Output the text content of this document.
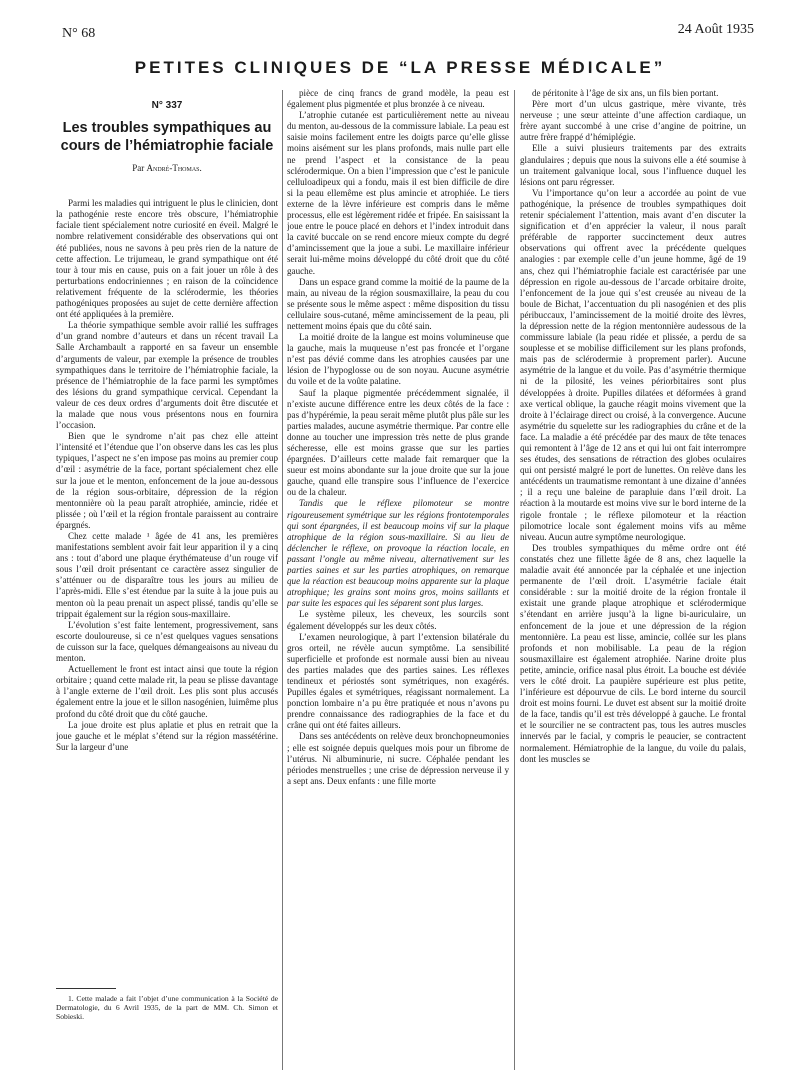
N° 68	24 Août 1935
PETITES CLINIQUES DE “LA PRESSE MÉDICALE”
N° 337
Les troubles sympathiques au cours de l’hémiatrophie faciale
Par André-Thomas.

Parmi les maladies qui intriguent le plus le clinicien, dont la pathogénie reste encore très obscure, l’hémiatrophie faciale tient spécialement notre curiosité en éveil. Malgré le nombre relativement considérable des observations qui ont été publiées, nous ne savons à peu près rien de la nature de cette affection. Le trijumeau, le grand sympathique ont été tour à tour mis en cause, puis on a fait jouer un rôle à des perturbations endocriniennes ; en raison de la coïncidence relativement fréquente de la sclérodermie, les théories pathogéniques proposées au sujet de cette dernière affection ont été appliquées à la première.

La théorie sympathique semble avoir rallié les suffrages d’un grand nombre d’auteurs et dans un récent travail La Salle Archambault a rapporté en sa faveur un ensemble d’arguments de valeur, par exemple la présence de troubles sympathiques dans le territoire de l’hémiatrophie faciale, la présence de l’hémiatrophie de la face parmi les symptômes des lésions du grand sympathique cervical. Cependant la valeur de ces deux ordres d’arguments doit être discutée et la malade que nous vous présentons nous en fournira l’occasion.

Bien que le syndrome n’ait pas chez elle atteint l’intensité et l’étendue que l’on observe dans les cas les plus typiques, l’aspect ne s’en impose pas moins au premier coup d’œil : asymétrie de la face, portant spécialement chez elle sur la joue et le menton, enfoncement de la joue au-dessous de la région sous-orbitaire, dépression de la région mentonnière où la peau paraît atrophiée, amincie, ridée et plissée ; où l’œil et la région frontale paraissent au contraire épargnés.

Chez cette malade ¹ âgée de 41 ans, les premières manifestations semblent avoir fait leur apparition il y a cinq ans : tout d’abord une plaque érythémateuse d’un rouge vif sous l’œil droit présentant ce caractère assez singulier de s’atténuer ou de disparaître tous les jours au milieu de l’après-midi. Elle s’est étendue par la suite à la joue puis au menton où la peau prenait un aspect plissé, tandis qu’elle se trippait également sur la région sous-maxillaire.

L’évolution s’est faite lentement, progressivement, sans escorte douloureuse, si ce n’est quelques vagues sensations de cuisson sur la face, quelques démangeaisons au niveau du menton.

Actuellement le front est intact ainsi que toute la région orbitaire ; quand cette malade rit, la peau se plisse davantage à l’angle externe de l’œil droit. Les plis sont plus accusés également entre la joue et le sillon nasogénien, luimême plus profond du côté droit que du côté gauche.

La joue droite est plus aplatie et plus en retrait que la joue gauche et le méplat s’étend sur la région massétérine. Sur la largeur d’une

1. Cette malade a fait l’objet d’une communication à la Société de Dermatologie, du 6 Avril 1935, de la part de MM. Ch. Simon et Sobieski.

pièce de cinq francs de grand modèle, la peau est également plus pigmentée et plus bronzée à ce niveau.

L’atrophie cutanée est particulièrement nette au niveau du menton, au-dessous de la commissure labiale. La peau est saisie moins facilement entre les doigts parce qu’elle glisse moins aisément sur les plans profonds, mais nulle part elle ne prend l’aspect et la consistance de la peau sclérodermique. On a bien l’impression que c’est le panicule celluloadipeux qui a fondu, mais il est bien difficile de dire si la peau ellemême est plus amincie et atrophiée. Le tiers externe de la lèvre inférieure est compris dans le même processus, elle est légèrement ridée et fripée. En saisissant la joue entre le pouce placé en dehors et l’index introduit dans la cavité buccale on se rend encore mieux compte du degré d’amincissement que la joue a subi. Le maxillaire inférieur serait lui-même moins développé du côté droit que du côté gauche.

Dans un espace grand comme la moitié de la paume de la main, au niveau de la région sousmaxillaire, la peau du cou se présente sous le même aspect : même disposition du tissu cellulaire sous-cutané, même amincissement de la peau, pli nettement moins épais que du côté sain.

La moitié droite de la langue est moins volumineuse que la gauche, mais la muqueuse n’est pas froncée et l’organe n’est pas dévié comme dans les atrophies causées par une lésion de l’hypoglosse ou de son noyau. Aucune asymétrie du voile et de la voûte palatine.

Sauf la plaque pigmentée précédemment signalée, il n’existe aucune différence entre les deux côtés de la face : pas d’hypérémie, la peau serait même plutôt plus pâle sur les parties malades, aucune asymétrie thermique. Par contre elle donne au toucher une impression très nette de plus grande sécheresse, elle est moins grasse que sur les parties épargnées. D’ailleurs cette malade fait remarquer que la sueur est moins abondante sur la joue droite que sur la joue gauche, quand elle transpire sous l’influence de l’exercice ou de la chaleur.

Tandis que le réflexe pilomoteur se montre rigoureusement symétrique sur les régions frontotemporales qui sont épargnées, il est beaucoup moins vif sur la plaque atrophique de la région sous-maxillaire. Si au lieu de déclencher le réflexe, on provoque la réaction locale, en passant l’ongle au même niveau, alternativement sur les parties saines et sur les parties atrophiques, on remarque que la réaction est beaucoup moins apparente sur la plaque atrophique; les grains sont moins gros, moins saillants et par suite les espaces qui les séparent sont plus larges.

Le système pileux, les cheveux, les sourcils sont également développés sur les deux côtés.

L’examen neurologique, à part l’extension bilatérale du gros orteil, ne révèle aucun symptôme. La sensibilité superficielle et profonde est normale aussi bien au niveau des parties malades que des parties saines. Les réflexes tendineux et périostés sont symétriques, non exagérés. Pupilles égales et symétriques, réagissant normalement. La ponction lombaire n’a pu être pratiquée et nous n’avons pu prendre connaissance des radiographies de la face et du crâne qui ont été faites ailleurs.

Dans ses antécédents on relève deux bronchopneumonies ; elle est soignée depuis quelques mois pour un fibrome de l’utérus. Ni albuminurie, ni sucre. Céphalée pendant les périodes menstruelles ; une crise de dépression nerveuse il y a sept ans. Deux enfants : une fille morte

de péritonite à l’âge de six ans, un fils bien portant.

Père mort d’un ulcus gastrique, mère vivante, très nerveuse ; une sœur atteinte d’une affection cardiaque, un frère ayant succombé à une crise d’angine de poitrine, un autre frère frappé d’hémiplégie.

Elle a suivi plusieurs traitements par des extraits glandulaires ; depuis que nous la suivons elle a été soumise à un traitement galvanique local, sous l’influence duquel les lésions ont paru régresser.

Vu l’importance qu’on leur a accordée au point de vue pathogénique, la présence de troubles sympathiques doit retenir spécialement l’attention, mais avant d’en discuter la signification et d’en apprécier la valeur, il nous paraît préférable de rapporter succinctement deux autres observations qui offrent avec la précédente quelques analogies : par exemple celle d’un jeune homme, âgé de 19 ans, chez qui l’hémiatrophie faciale est caractérisée par une dépression en rigole au-dessous de l’arcade orbitaire droite, l’enfoncement de la joue qui s’est creusée au niveau de la boule de Bichat, l’accentuation du pli nasogénien et des plis péribuccaux, l’amincissement de la moitié droite des lèvres, la dépression nette de la région mentonnière audessous de la commissure labiale (la peau ridée et plissée, a perdu de sa souplesse et se mobilise difficilement sur les plans profonds, mais pas de sclérodermie à proprement parler). Aucune asymétrie de la langue et du voile. Pas d’asymétrie thermique ni de la pilosité, les veines périorbitaires sont plus développées à droite. Pupilles dilatées et déformées à grand axe vertical oblique, la gauche réagit moins vivement que la droite à l’éclairage direct ou croisé, à la convergence. Aucune asymétrie du squelette sur les radiographies du crâne et de la face. La maladie a été précédée par des maux de tête tenaces qui remontent à l’âge de 12 ans et qui lui ont fait interrompre ses études, des sensations de rétraction des globes oculaires qui ont persisté malgré le port de lunettes. On relève dans les antécédents un traumatisme remontant à une dizaine d’années ; il a reçu une baleine de parapluie dans l’œil droit. La réaction à la moutarde est moins vive sur le bord interne de la rigole frontale ; le réflexe pilomoteur et la réaction pilomotrice locale sont également moins vifs au même niveau. Aucun autre symptôme neurologique.

Des troubles sympathiques du même ordre ont été constatés chez une fillette âgée de 8 ans, chez laquelle la maladie avait été annoncée par la céphalée et une injection permanente de l’œil droit. L’asymétrie faciale était considérable : sur la moitié droite de la région frontale il existait une grande plaque atrophique et sclérodermique s’étendant en arrière jusqu’à la ligne bi-auriculaire, un enfoncement de la joue et une dépression de la région mentonnière. La peau est lisse, amincie, collée sur les plans profonds et non mobilisable. La peau de la région sousmaxillaire est également atrophiée. Narine droite plus petite, amincie, orifice nasal plus étroit. La bouche est déviée vers le côté droit. La paupière supérieure est plus petite, l’inférieure est dépourvue de cils. Le bord interne du sourcil droit est moins fourni. Le duvet est absent sur la moitié droite de la face, tandis qu’il est très développé à gauche. Le frontal et le sourcilier ne se contractent pas, tous les autres muscles innervés par le facial, y compris le peaucier, se contractent normalement. Hémiatrophie de la langue, du voile du palais, dont les muscles se
